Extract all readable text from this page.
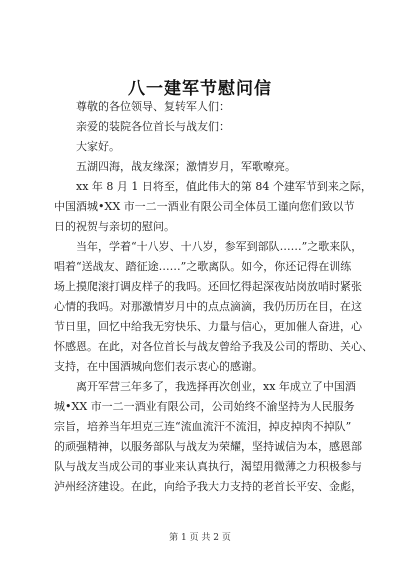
八一建军节慰问信
尊敬的各位领导、复转军人们：
亲爱的装院各位首长与战友们：
大家好。
五湖四海，战友缘深；激情岁月，军歌嘹亮。
xx 年 8 月 1 日将至，值此伟大的第 84 个建军节到来之际，
中国酒城•XX 市一二一酒业有限公司全体员工谨向您们致以节
日的祝贺与亲切的慰问。
当年，学着“十八岁、十八岁，参军到部队……”之歌来队，
唱着“送战友、踏征途……”之歌离队。如今，你还记得在训练
场上摸爬滚打调皮样子的我吗。还回忆得起深夜站岗放哨时紧张
心情的我吗。对那激情岁月中的点点滴滴，我仍历历在目，在这
节日里，回忆中给我无穷快乐、力量与信心，更加催人奋进，心
怀感恩。在此，对各位首长与战友曾给予我及公司的帮助、关心、
支持，在中国酒城向您们表示衷心的感谢。
离开军营三年多了，我选择再次创业，xx 年成立了中国酒
城•XX 市一二一酒业有限公司，公司始终不渝坚持为人民服务
宗旨，培养当年坦克三连“流血流汗不流泪，掉皮掉肉不掉队”
的顽强精神，以服务部队与战友为荣耀，坚持诚信为本，感恩部
队与战友当成公司的事业来认真执行，渴望用微薄之力积极参与
泸州经济建设。在此，向给予我大力支持的老首长平安、金彪，
第 1 页 共 2 页
